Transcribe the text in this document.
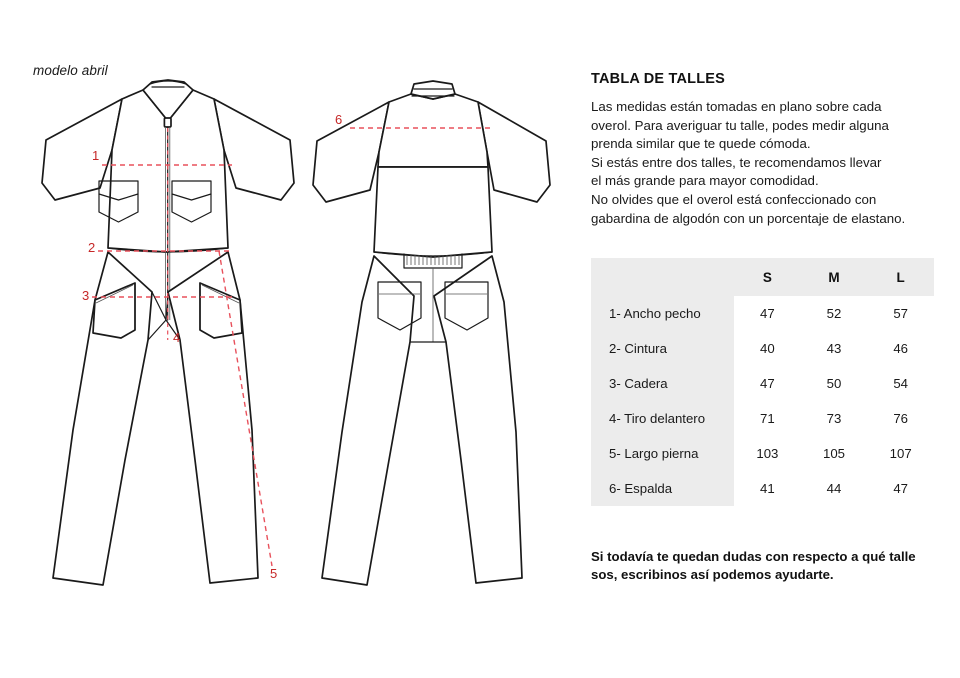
modelo abril
1
2
3
4
5
6
TABLA DE TALLES

Las medidas están tomadas en plano sobre cada

overol. Para averiguar tu talle, podes medir alguna

prenda similar que te quede cómoda.

Si estás entre dos talles, te recomendamos llevar

el más grande para mayor comodidad.

No olvides que el overol está confeccionado con

gabardina de algodón con un porcentaje de elastano.

	S	M	L
1- Ancho pecho	47	52	57
2- Cintura	40	43	46
3- Cadera	47	50	54
4- Tiro delantero	71	73	76
5- Largo pierna	103	105	107
6- Espalda	41	44	47

Si todavía te quedan dudas con respecto a qué talle

sos, escribinos así podemos ayudarte.
